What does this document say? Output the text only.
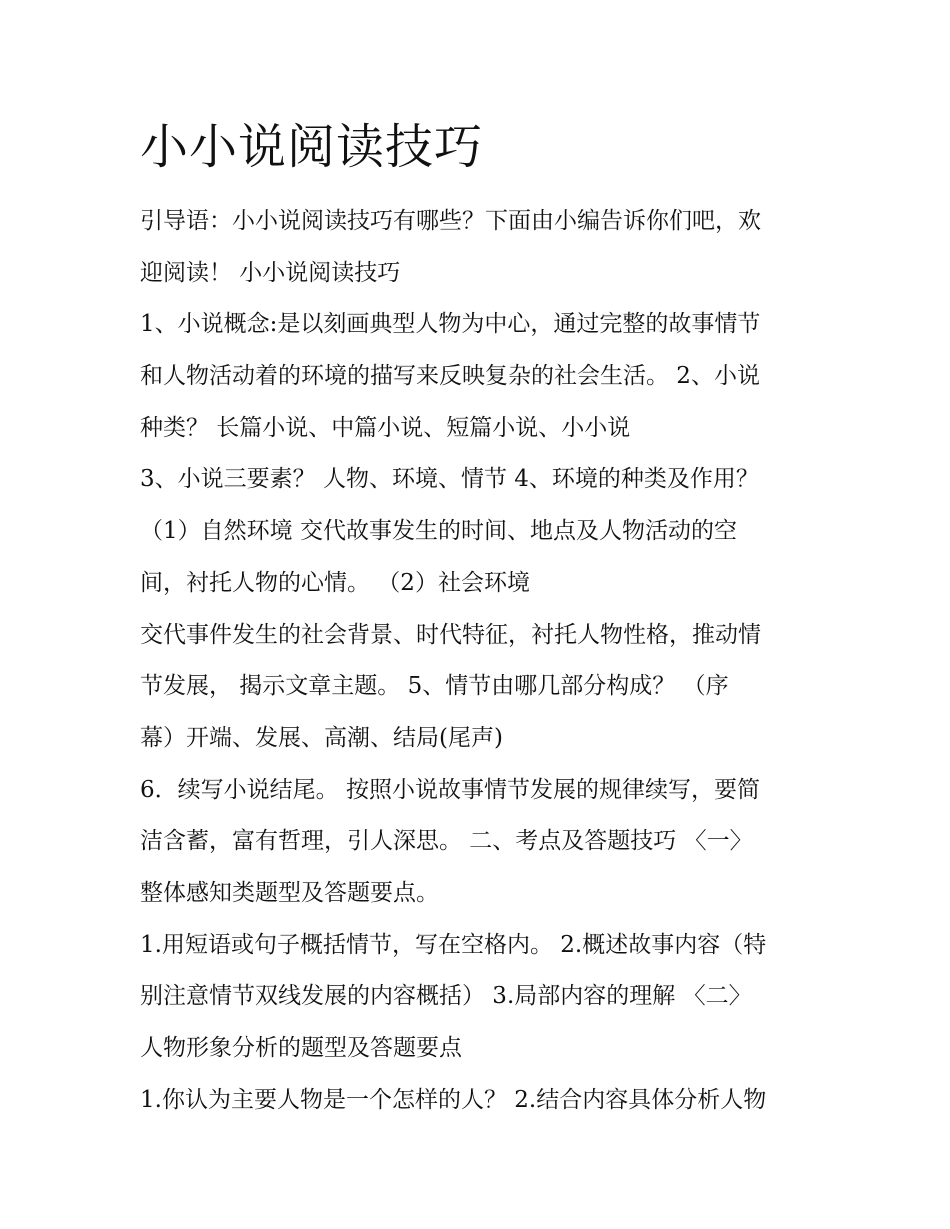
小小说阅读技巧
引导语：小小说阅读技巧有哪些？下面由小编告诉你们吧，欢
迎阅读！ 小小说阅读技巧
1、小说概念:是以刻画典型人物为中心，通过完整的故事情节
和人物活动着的环境的描写来反映复杂的社会生活。 2、小说
种类？ 长篇小说、中篇小说、短篇小说、小小说
3、小说三要素？ 人物、环境、情节 4、环境的种类及作用？
（1）自然环境 交代故事发生的时间、地点及人物活动的空
间，衬托人物的心情。 （2）社会环境
交代事件发生的社会背景、时代特征，衬托人物性格，推动情
节发展， 揭示文章主题。 5、情节由哪几部分构成？ （序
幕）开端、发展、高潮、结局(尾声)
6．续写小说结尾。 按照小说故事情节发展的规律续写，要简
洁含蓄，富有哲理，引人深思。 二、考点及答题技巧 〈一〉
整体感知类题型及答题要点。
1.用短语或句子概括情节，写在空格内。 2.概述故事内容（特
别注意情节双线发展的内容概括） 3.局部内容的理解 〈二〉
人物形象分析的题型及答题要点
1.你认为主要人物是一个怎样的人？ 2.结合内容具体分析人物
